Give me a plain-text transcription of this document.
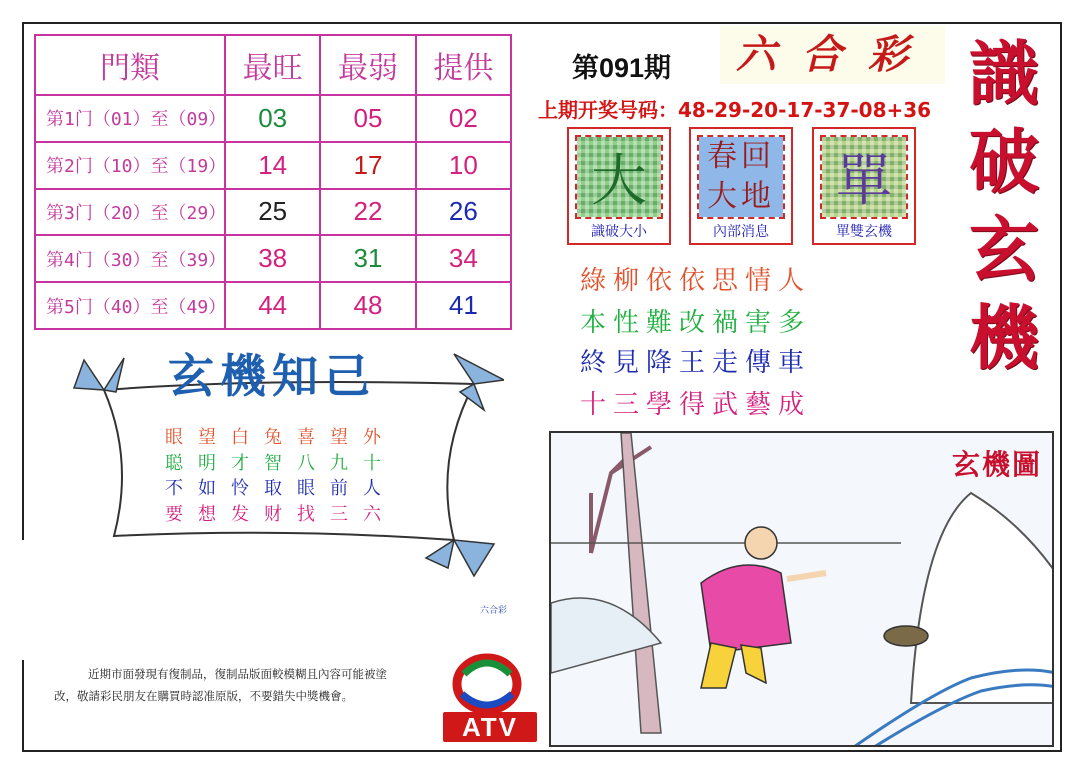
門類	最旺	最弱	提供
第1门（01）至（09）	03	05	02
第2门（10）至（19）	14	17	10
第3门（20）至（29）	25	22	26
第4门（30）至（39）	38	31	34
第5门（40）至（49）	44	48	41
第091期	六合彩
上期开奖号码：48-29-20-17-37-08+36 識
破
玄
機
大
識破大小
春回
大地
內部消息
單
單雙玄機
綠柳依依思情人
本性難改禍害多
終見降王走傳車
十三學得武藝成
玄機知己
眼望白兔喜望外
聪明才智八九十
不如怜取眼前人
要想发财找三六
近期市面發現有復制品，復制品版面較模糊且內容可能被塗
改，敬請彩民朋友在購買時認准原版，不要錯失中獎機會。
六合彩
ATV
玄機圖
